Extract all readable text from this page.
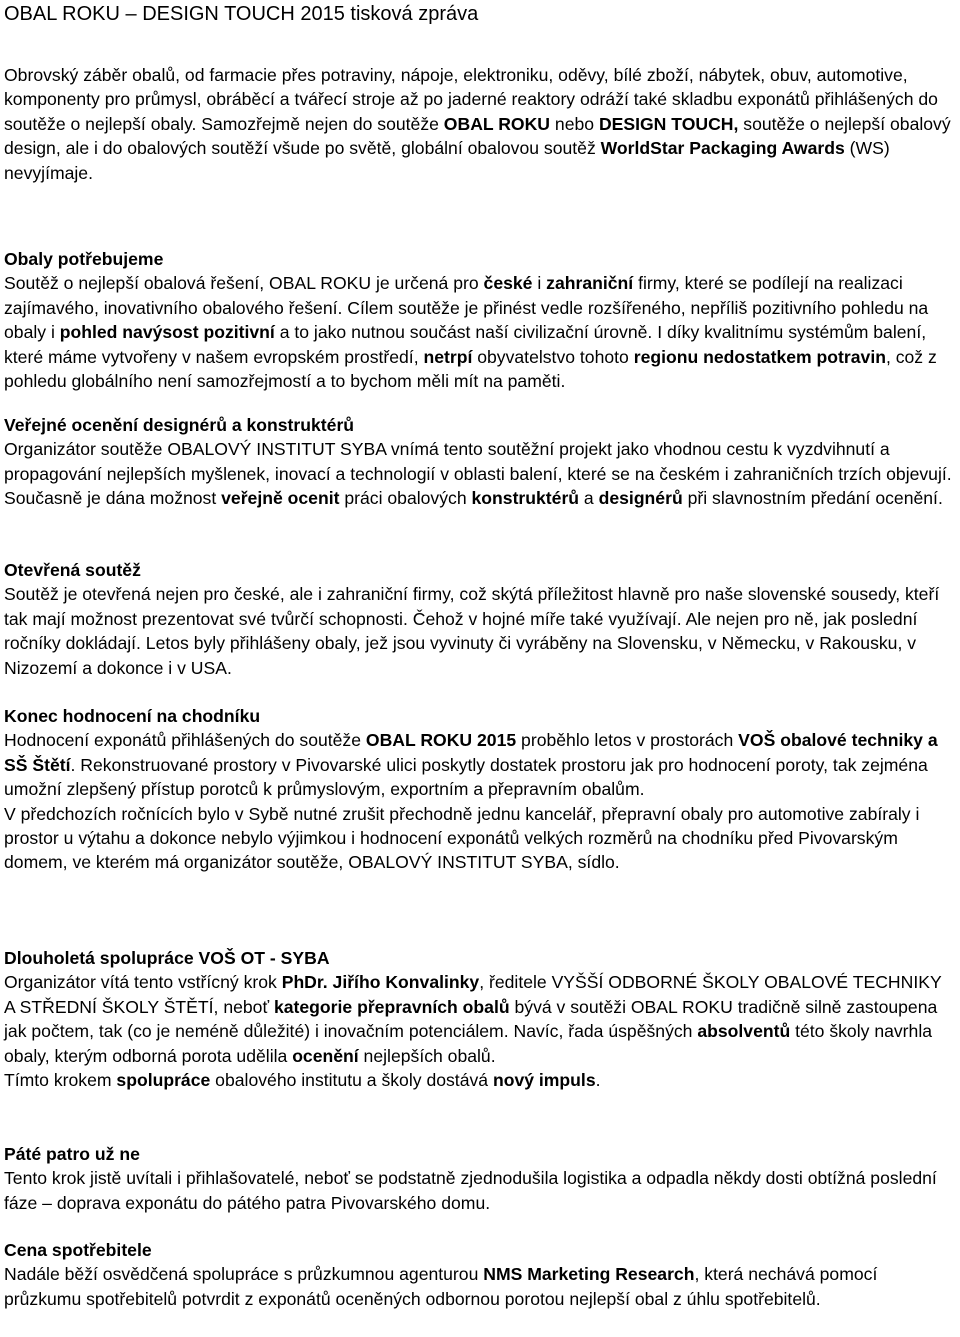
OBAL ROKU – DESIGN TOUCH 2015 tisková zpráva
Obrovský záběr obalů, od farmacie přes potraviny, nápoje, elektroniku, oděvy, bílé zboží, nábytek, obuv, automotive, komponenty pro průmysl, obráběcí a tvářecí stroje až po jaderné reaktory odráží také skladbu exponátů přihlášených do soutěže o nejlepší obaly. Samozřejmě nejen do soutěže OBAL ROKU nebo DESIGN TOUCH, soutěže o nejlepší obalový design, ale i do obalových soutěží všude po světě, globální obalovou soutěž WorldStar Packaging Awards (WS) nevyjímaje.
Obaly potřebujeme
Soutěž o nejlepší obalová řešení, OBAL ROKU je určená pro české i zahraniční firmy, které se podílejí na realizaci zajímavého, inovativního obalového řešení. Cílem soutěže je přinést vedle rozšířeného, nepříliš pozitivního pohledu na obaly i pohled navýsost pozitivní a to jako nutnou součást naší civilizační úrovně. I díky kvalitnímu systémům balení, které máme vytvořeny v našem evropském prostředí, netrpí obyvatelstvo tohoto regionu nedostatkem potravin, což z pohledu globálního není samozřejmostí a to bychom měli mít na paměti.
Veřejné ocenění designérů a konstruktérů
Organizátor soutěže OBALOVÝ INSTITUT SYBA vnímá tento soutěžní projekt jako vhodnou cestu k vyzdvihnutí a propagování nejlepších myšlenek, inovací a technologií v oblasti balení, které se na českém i zahraničních trzích objevují. Současně je dána možnost veřejně ocenit práci obalových konstruktérů a designérů při slavnostním předání ocenění.
Otevřená soutěž
Soutěž je otevřená nejen pro české, ale i zahraniční firmy, což skýtá příležitost hlavně pro naše slovenské sousedy, kteří tak mají možnost prezentovat své tvůrčí schopnosti. Čehož v hojné míře také využívají. Ale nejen pro ně, jak poslední ročníky dokládají. Letos byly přihlášeny obaly, jež jsou vyvinuty či vyráběny na Slovensku, v Německu, v Rakousku, v Nizozemí a dokonce i v USA.
Konec hodnocení na chodníku
Hodnocení exponátů přihlášených do soutěže OBAL ROKU 2015 proběhlo letos v prostorách VOŠ obalové techniky a SŠ Štětí. Rekonstruované prostory v Pivovarské ulici poskytly dostatek prostoru jak pro hodnocení poroty, tak zejména umožní zlepšený přístup porotců k průmyslovým, exportním a přepravním obalům.
V předchozích ročnících bylo v Sybě nutné zrušit přechodně jednu kancelář, přepravní obaly pro automotive zabíraly i prostor u výtahu a dokonce nebylo výjimkou i hodnocení exponátů velkých rozměrů na chodníku před Pivovarským domem, ve kterém má organizátor soutěže, OBALOVÝ INSTITUT SYBA, sídlo.
Dlouholetá spolupráce VOŠ OT - SYBA
Organizátor vítá tento vstřícný krok PhDr. Jiřího Konvalinky, ředitele VYŠŠÍ ODBORNÉ ŠKOLY OBALOVÉ TECHNIKY A STŘEDNÍ ŠKOLY ŠTĚTÍ, neboť kategorie přepravních obalů bývá v soutěži OBAL ROKU tradičně silně zastoupena jak počtem, tak (co je neméně důležité) i inovačním potenciálem. Navíc, řada úspěšných absolventů této školy navrhla obaly, kterým odborná porota udělila ocenění nejlepších obalů.
Tímto krokem spolupráce obalového institutu a školy dostává nový impuls.
Páté patro už ne
Tento krok jistě uvítali i přihlašovatelé, neboť se podstatně zjednodušila logistika a odpadla někdy dosti obtížná poslední fáze – doprava exponátu do pátého patra Pivovarského domu.
Cena spotřebitele
Nadále běží osvědčená spolupráce s průzkumnou agenturou NMS Marketing Research, která nechává pomocí průzkumu spotřebitelů potvrdit z exponátů oceněných odbornou porotou nejlepší obal z úhlu spotřebitelů.
